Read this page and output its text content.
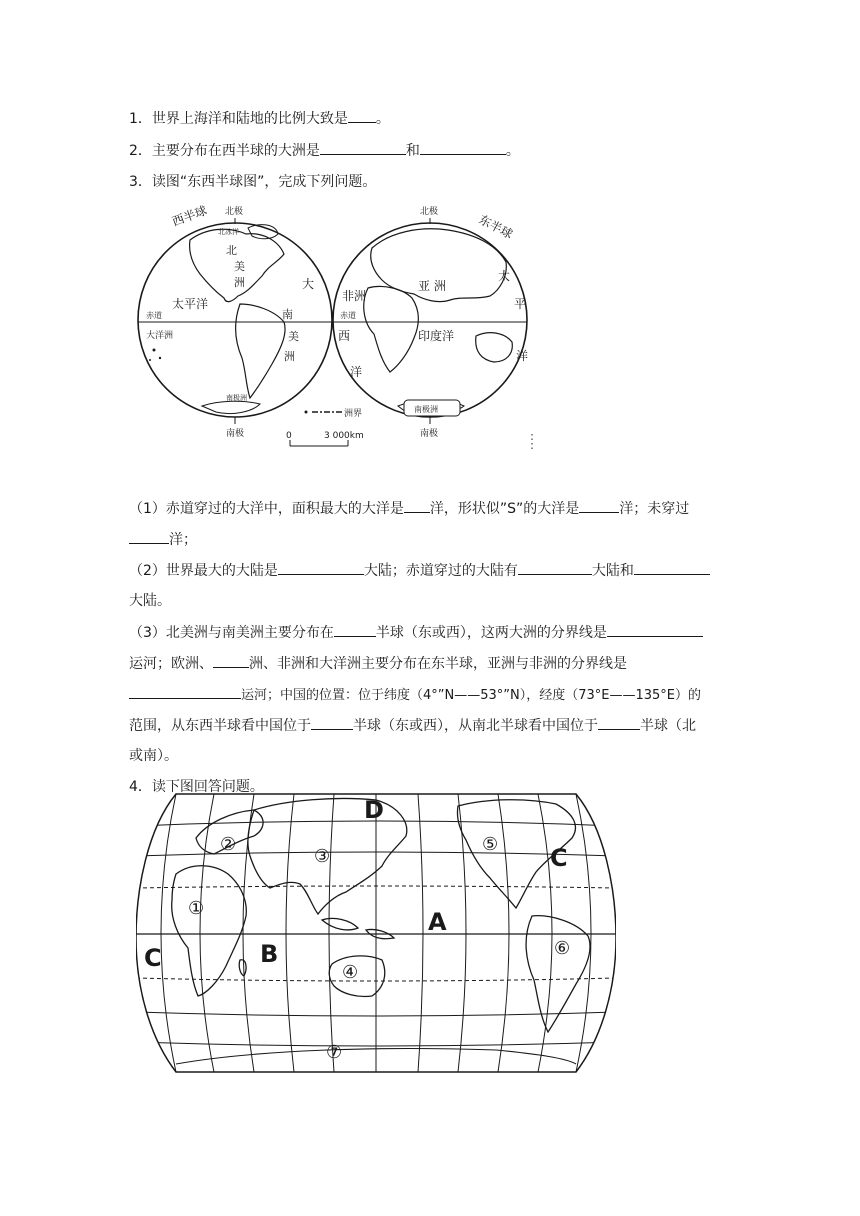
1．世界上海洋和陆地的比例大致是 。
2．主要分布在西半球的大洲是	和	。
3．读图“东西半球图”，完成下列问题。
西半球	东半球
北极	北极
南极	南极
北冰洋
北
美
洲
太平洋
赤道
大洋洲
大
南
美
洲
西
洋
南极洲
非洲
赤道
亚 洲
印度洋
太
平
洋
南极洲
洲界
0	3 000km
（1）赤道穿过的大洋中，面积最大的大洋是 洋，形状似”S”的大洋是	洋；未穿过
洋；
（2）世界最大的大陆是	大陆；赤道穿过的大陆有	大陆和
大陆。
（3）北美洲与南美洲主要分布在	半球（东或西），这两大洲的分界线是
运河；欧洲、	洲、非洲和大洋洲主要分布在东半球，亚洲与非洲的分界线是
运河；中国的位置：位于纬度（4°”N——53°”N），经度（73°E——135°E）的
范围，从东西半球看中国位于	半球（东或西），从南北半球看中国位于	半球（北
或南）。
4．读下图回答问题。
D
C
A
C	B
②
③
⑤
①
④
⑥
⑦
